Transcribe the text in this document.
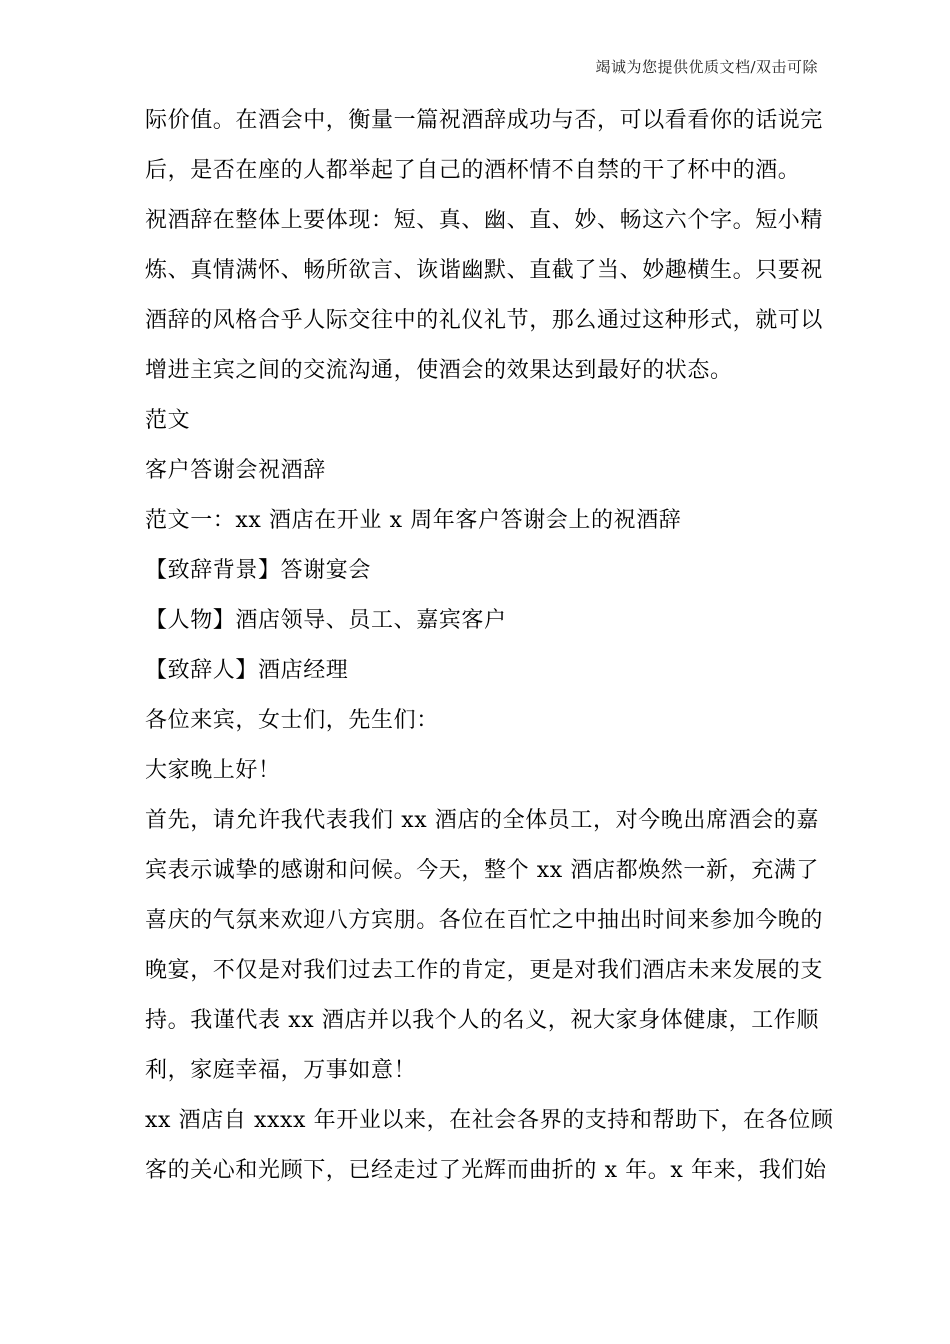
竭诚为您提供优质文档/双击可除
际价值。在酒会中，衡量一篇祝酒辞成功与否，可以看看你的话说完
后，是否在座的人都举起了自己的酒杯情不自禁的干了杯中的酒。
祝酒辞在整体上要体现：短、真、幽、直、妙、畅这六个字。短小精
炼、真情满怀、畅所欲言、诙谐幽默、直截了当、妙趣横生。只要祝
酒辞的风格合乎人际交往中的礼仪礼节，那么通过这种形式，就可以
增进主宾之间的交流沟通，使酒会的效果达到最好的状态。
范文
客户答谢会祝酒辞
范文一：xx 酒店在开业 x 周年客户答谢会上的祝酒辞
【致辞背景】答谢宴会
【人物】酒店领导、员工、嘉宾客户
【致辞人】酒店经理
各位来宾，女士们，先生们：
大家晚上好！
首先，请允许我代表我们 xx 酒店的全体员工，对今晚出席酒会的嘉
宾表示诚挚的感谢和问候。今天，整个 xx 酒店都焕然一新，充满了
喜庆的气氛来欢迎八方宾朋。各位在百忙之中抽出时间来参加今晚的
晚宴，不仅是对我们过去工作的肯定，更是对我们酒店未来发展的支
持。我谨代表 xx 酒店并以我个人的名义，祝大家身体健康，工作顺
利，家庭幸福，万事如意！
xx 酒店自 xxxx 年开业以来，在社会各界的支持和帮助下，在各位顾
客的关心和光顾下，已经走过了光辉而曲折的 x 年。x 年来，我们始
